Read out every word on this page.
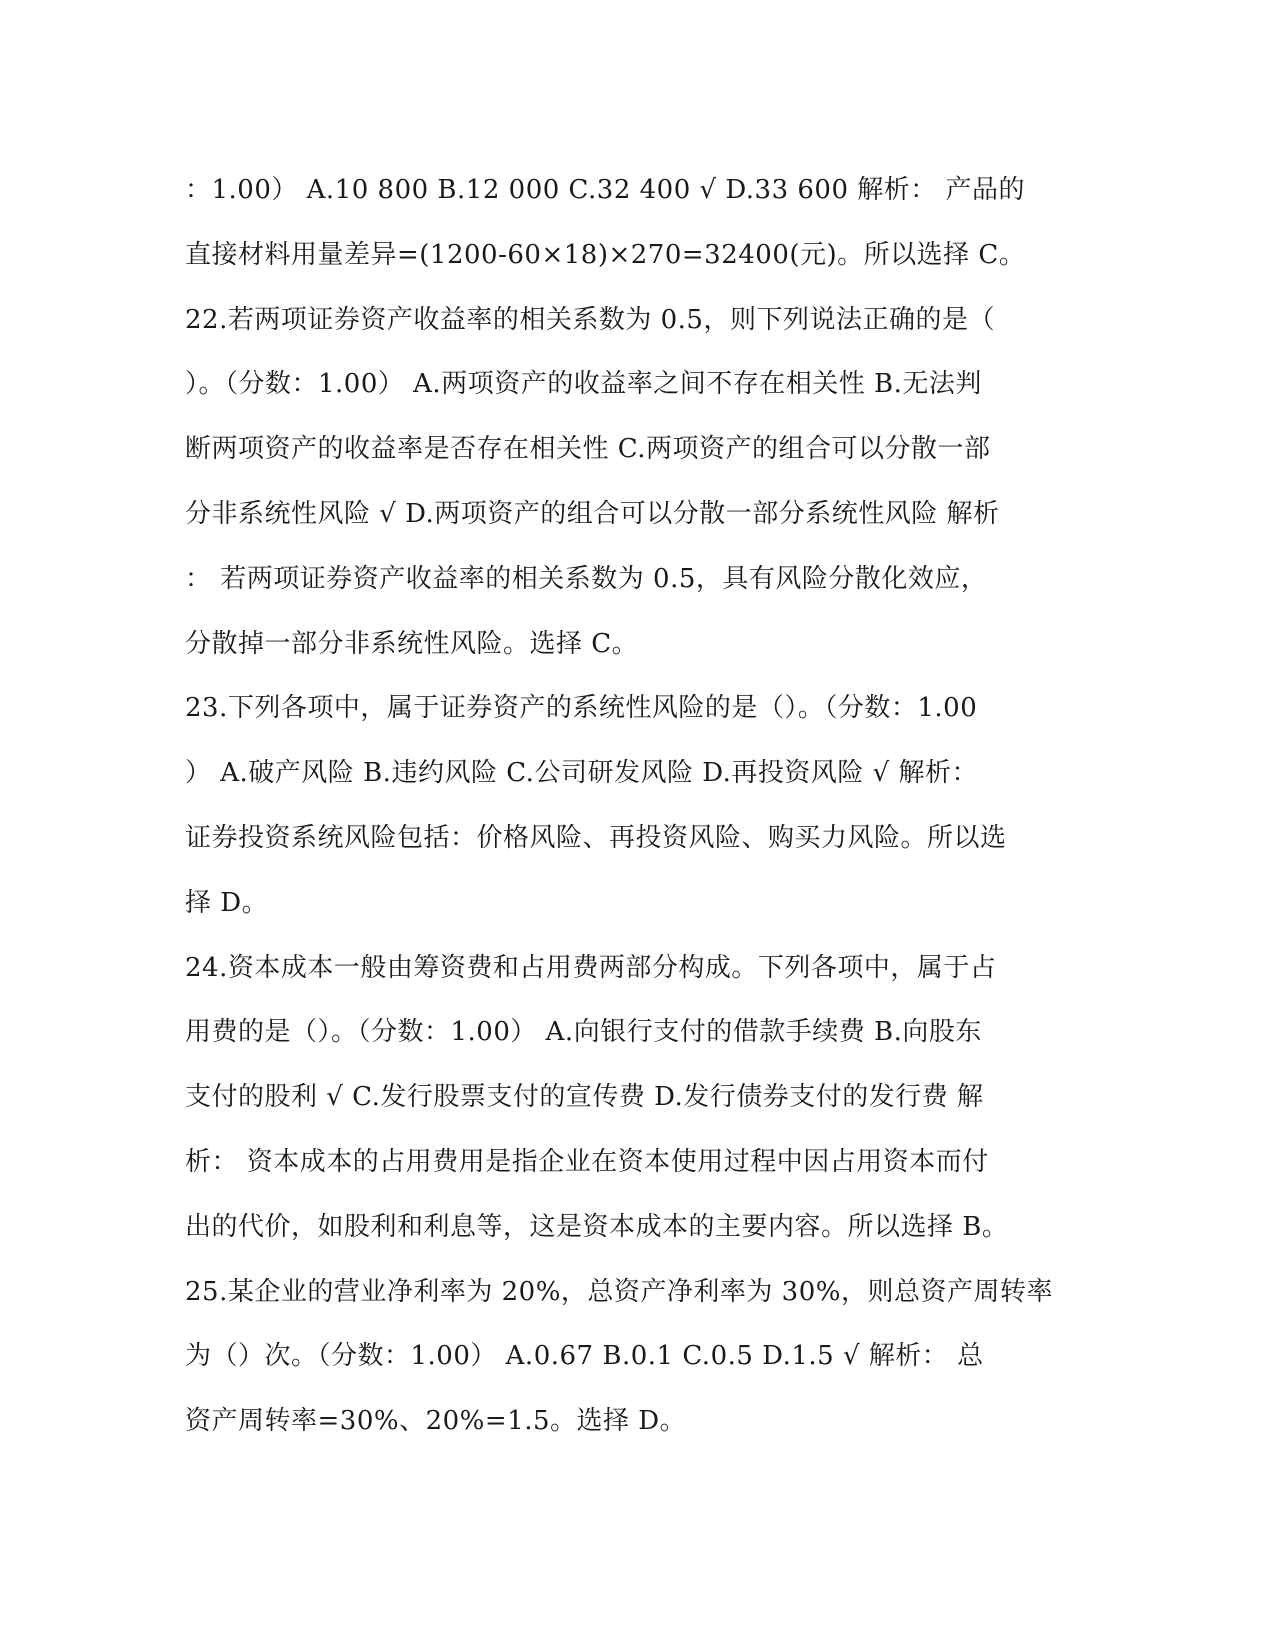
：1.00） A.10 800 B.12 000 C.32 400 √ D.33 600 解析： 产品的
直接材料用量差异=(1200-60×18)×270=32400(元)。所以选择 C。
22.若两项证券资产收益率的相关系数为 0.5，则下列说法正确的是（
）。（分数：1.00） A.两项资产的收益率之间不存在相关性 B.无法判
断两项资产的收益率是否存在相关性 C.两项资产的组合可以分散一部
分非系统性风险 √ D.两项资产的组合可以分散一部分系统性风险 解析
： 若两项证券资产收益率的相关系数为 0.5，具有风险分散化效应，
分散掉一部分非系统性风险。选择 C。
23.下列各项中，属于证券资产的系统性风险的是（）。（分数：1.00
） A.破产风险 B.违约风险 C.公司研发风险 D.再投资风险 √ 解析：
证券投资系统风险包括：价格风险、再投资风险、购买力风险。所以选
择 D。
24.资本成本一般由筹资费和占用费两部分构成。下列各项中，属于占
用费的是（）。（分数：1.00） A.向银行支付的借款手续费 B.向股东
支付的股利 √ C.发行股票支付的宣传费 D.发行债券支付的发行费 解
析： 资本成本的占用费用是指企业在资本使用过程中因占用资本而付
出的代价，如股利和利息等，这是资本成本的主要内容。所以选择 B。
25.某企业的营业净利率为 20%，总资产净利率为 30%，则总资产周转率
为（）次。（分数：1.00） A.0.67 B.0.1 C.0.5 D.1.5 √ 解析： 总
资产周转率=30%、20%=1.5。选择 D。
